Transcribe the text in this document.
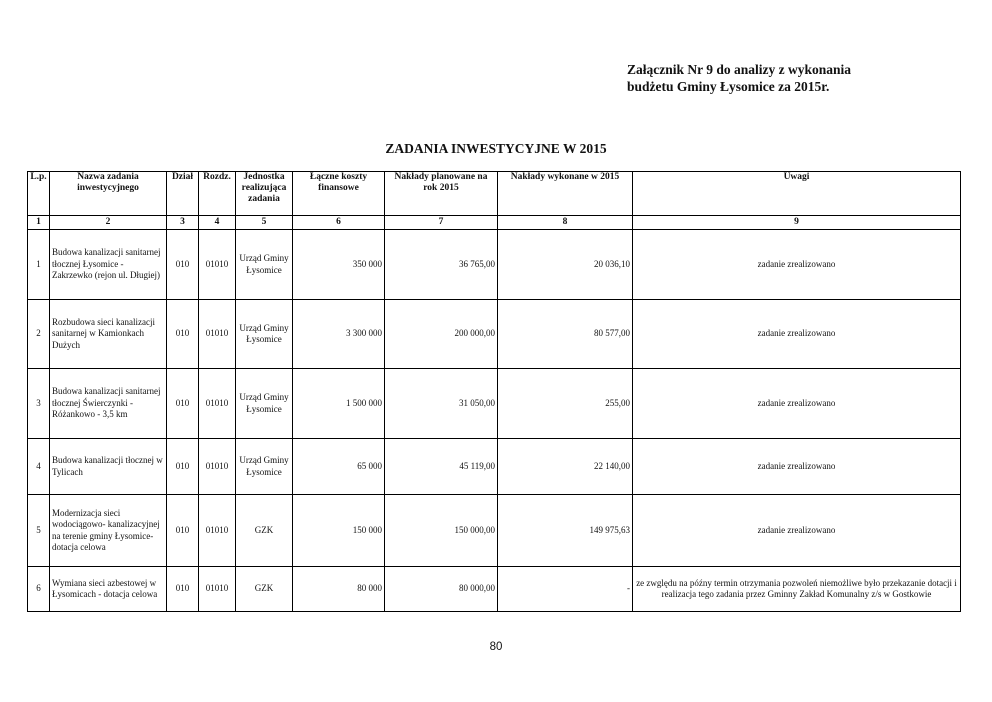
Załącznik Nr 9 do analizy z wykonania
budżetu Gminy Łysomice za 2015r.
ZADANIA INWESTYCYJNE W 2015
L.p.	Nazwa zadania inwestycyjnego	Dział	Rozdz.	Jednostka realizująca zadania	Łączne koszty finansowe	Nakłady planowane na rok 2015	Nakłady wykonane w 2015	Uwagi
1	2	3	4	5	6	7	8	9
1	Budowa kanalizacji sanitarnej tłocznej Łysomice - Zakrzewko (rejon ul. Długiej)	010	01010	Urząd Gminy Łysomice	350 000	36 765,00	20 036,10	zadanie zrealizowano
2	Rozbudowa sieci kanalizacji sanitarnej w Kamionkach Dużych	010	01010	Urząd Gminy Łysomice	3 300 000	200 000,00	80 577,00	zadanie zrealizowano
3	Budowa kanalizacji sanitarnej tłocznej Świerczynki - Różankowo - 3,5 km	010	01010	Urząd Gminy Łysomice	1 500 000	31 050,00	255,00	zadanie zrealizowano
4	Budowa kanalizacji tłocznej w Tylicach	010	01010	Urząd Gminy Łysomice	65 000	45 119,00	22 140,00	zadanie zrealizowano
5	Modernizacja sieci wodociągowo- kanalizacyjnej na terenie gminy Łysomice- dotacja celowa	010	01010	GZK	150 000	150 000,00	149 975,63	zadanie zrealizowano
6	Wymiana sieci azbestowej w Łysomicach - dotacja celowa	010	01010	GZK	80 000	80 000,00	-	ze zwględu na późny termin otrzymania pozwoleń niemożliwe było przekazanie dotacji i realizacja tego zadania przez Gminny Zakład Komunalny z/s w Gostkowie
80
